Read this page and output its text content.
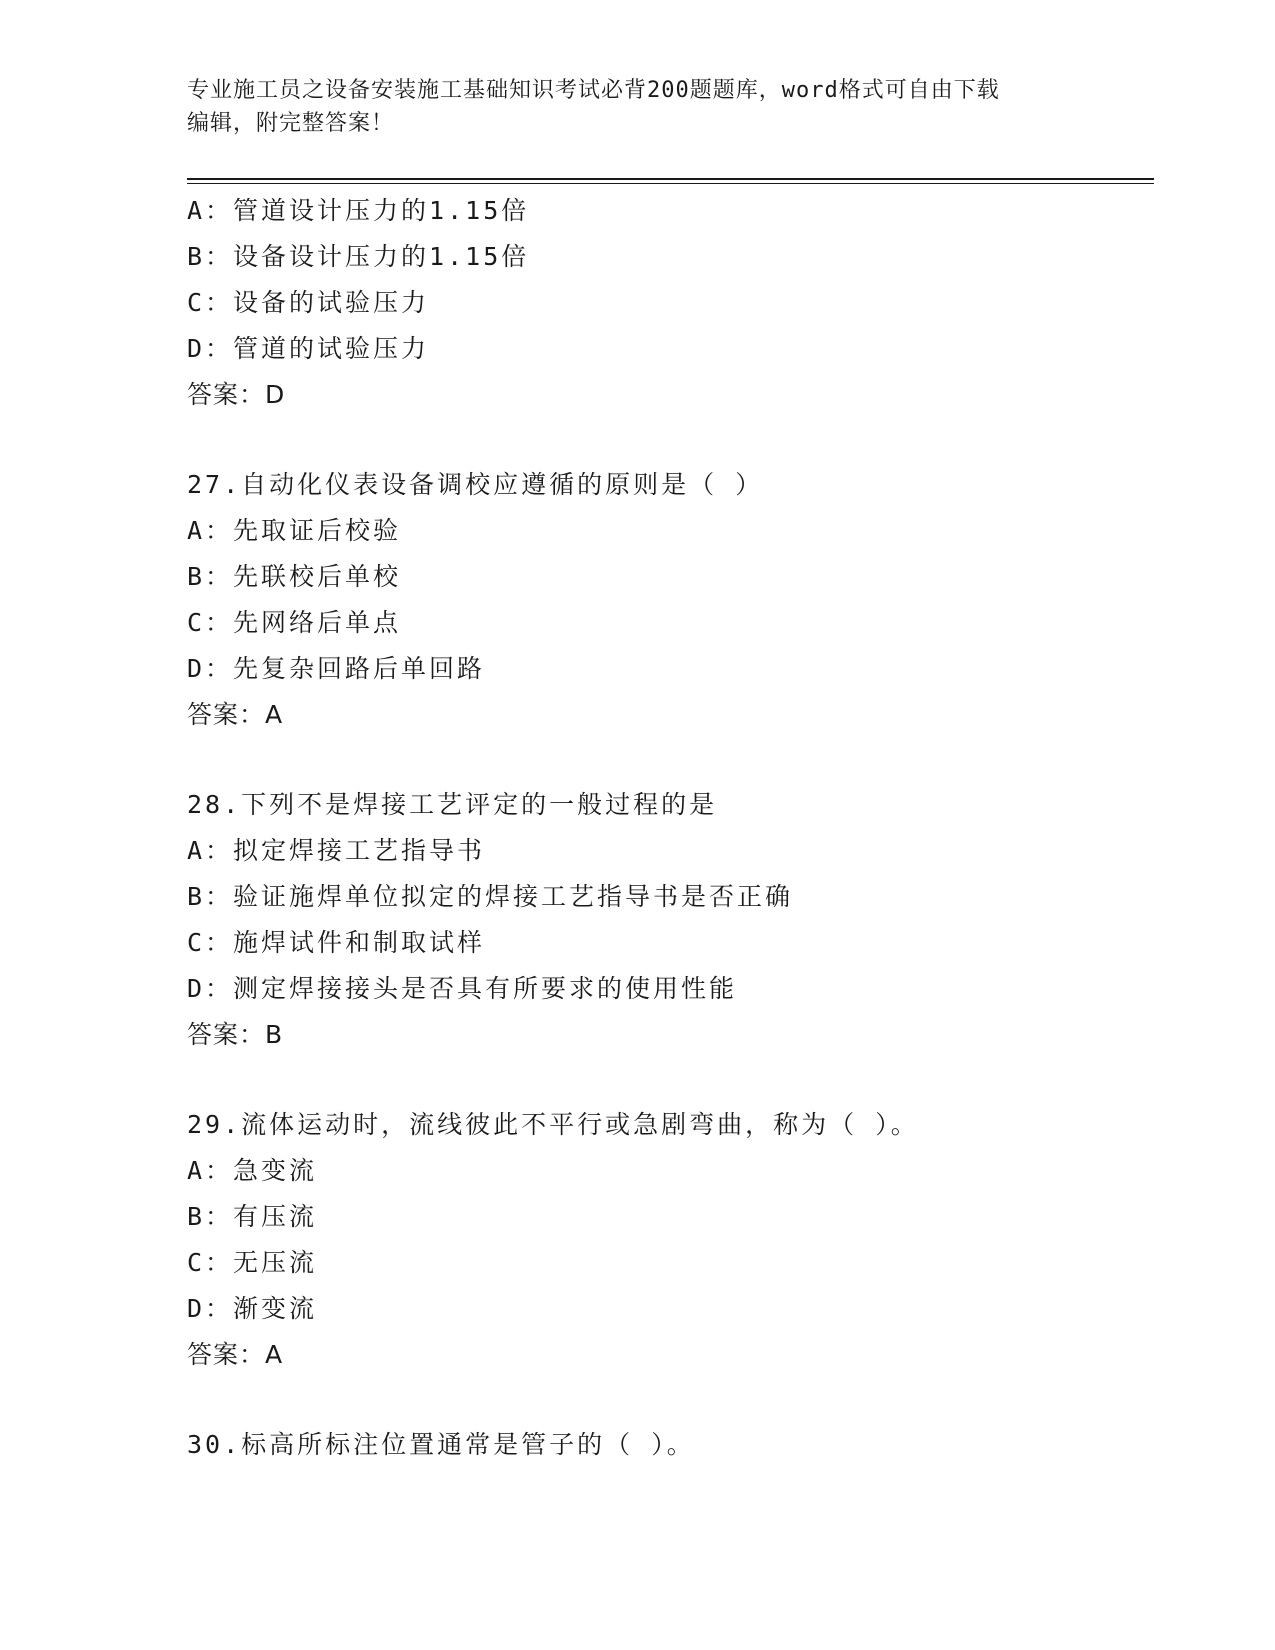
专业施工员之设备安装施工基础知识考试必背200题题库，word格式可自由下载
编辑，附完整答案！
A：管道设计压力的1.15倍
B：设备设计压力的1.15倍
C：设备的试验压力
D：管道的试验压力
答案：D
27.自动化仪表设备调校应遵循的原则是（ ）
A：先取证后校验
B：先联校后单校
C：先网络后单点
D：先复杂回路后单回路
答案：A
28.下列不是焊接工艺评定的一般过程的是
A：拟定焊接工艺指导书
B：验证施焊单位拟定的焊接工艺指导书是否正确
C：施焊试件和制取试样
D：测定焊接接头是否具有所要求的使用性能
答案：B
29.流体运动时，流线彼此不平行或急剧弯曲，称为（ ）。
A：急变流
B：有压流
C：无压流
D：渐变流
答案：A
30.标高所标注位置通常是管子的（ ）。
